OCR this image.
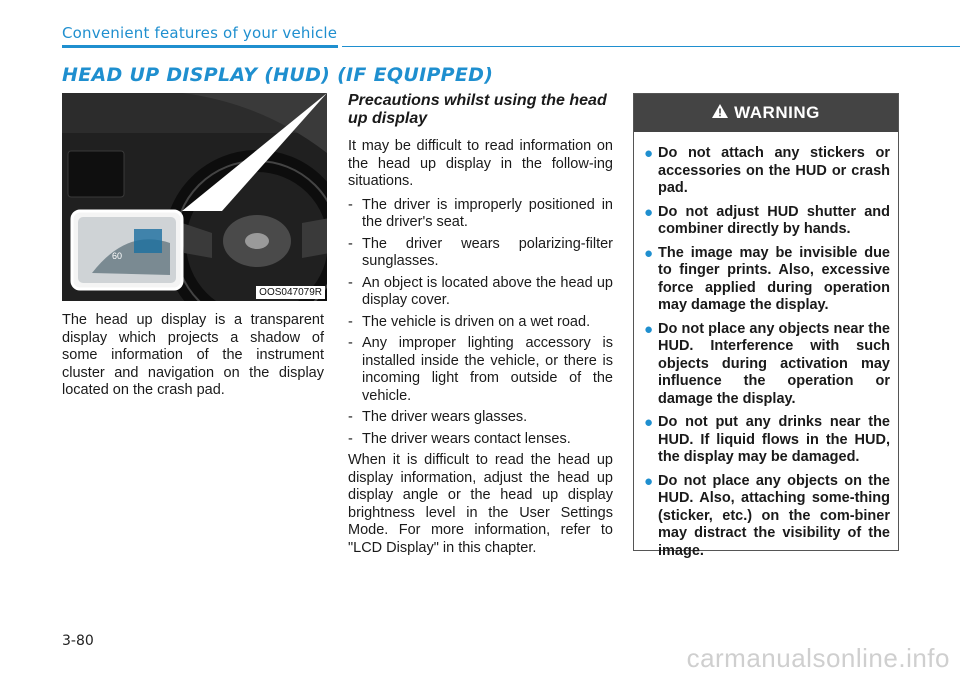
Convenient features of your vehicle
HEAD UP DISPLAY (HUD) (IF EQUIPPED)
60
OOS047079R
The head up display is a transparent display which projects a shadow of some information of the instrument cluster and navigation on the display located on the crash pad.
Precautions whilst using the head up display

It may be difficult to read information on the head up display in the follow-ing situations.

- The driver is improperly positioned in the driver's seat.
- The driver wears polarizing-filter sunglasses.
- An object is located above the head up display cover.
- The vehicle is driven on a wet road.
- Any improper lighting accessory is installed inside the vehicle, or there is incoming light from outside of the vehicle.
- The driver wears glasses.
- The driver wears contact lenses.

When it is difficult to read the head up display information, adjust the head up display angle or the head up display brightness level in the User Settings Mode. For more information, refer to "LCD Display" in this chapter.

WARNING
● Do not attach any stickers or accessories on the HUD or crash pad.
● Do not adjust HUD shutter and combiner directly by hands.
● The image may be invisible due to finger prints. Also, excessive force applied during operation may damage the display.
● Do not place any objects near the HUD. Interference with such objects during activation may influence the operation or damage the display.
● Do not put any drinks near the HUD. If liquid flows in the HUD, the display may be damaged.
● Do not place any objects on the HUD. Also, attaching some-thing (sticker, etc.) on the com-biner may distract the visibility of the image.
3-80
carmanualsonline.info
